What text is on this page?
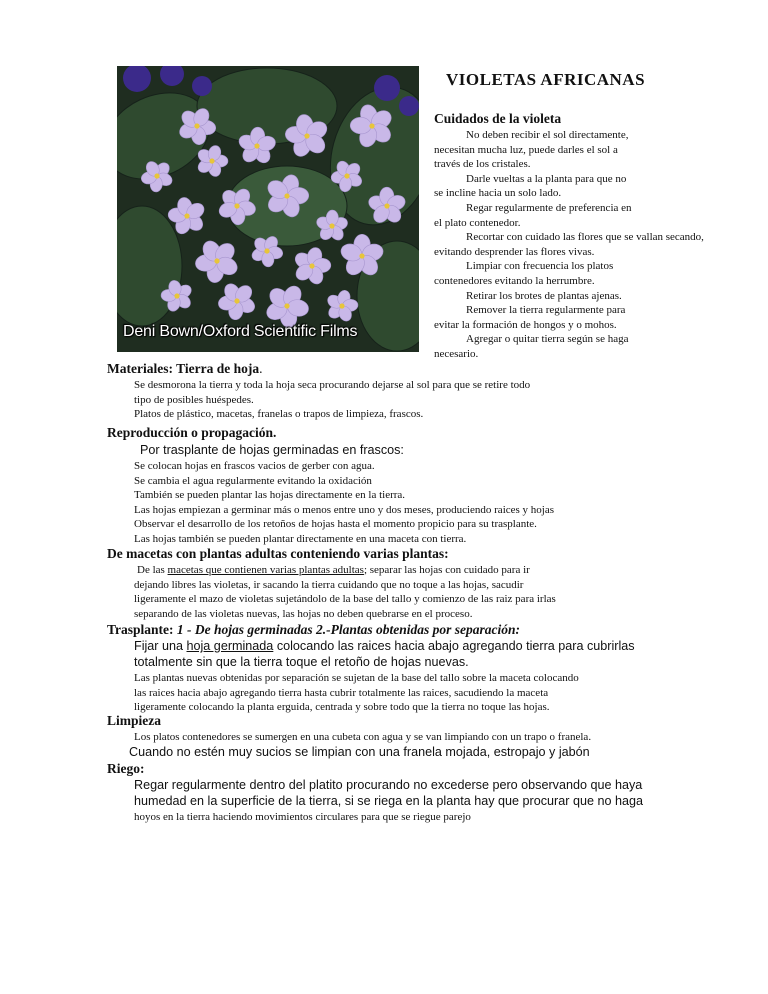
Deni Bown/Oxford Scientific Films
VIOLETAS AFRICANAS
Cuidados de la violeta
No deben recibir el sol directamente,
necesitan mucha luz, puede darles el sol a
través de los cristales.
Darle vueltas a la planta para que no
se incline hacia un solo lado.
Regar regularmente de preferencia en
el plato contenedor.
Recortar con cuidado las flores que se vallan secando,
evitando desprender las flores vivas.
Limpiar con frecuencia los platos
contenedores evitando la herrumbre.
Retirar los brotes de plantas ajenas.
Remover la tierra regularmente para
evitar la formación de hongos y o mohos.
Agregar o quitar tierra según se haga
necesario.
Materiales: Tierra de hoja.
Se desmorona la tierra y toda la hoja seca procurando dejarse al sol para que se retire todo
tipo de posibles huéspedes.
Platos de plástico, macetas, franelas o trapos de limpieza, frascos.
Reproducción o propagación.
Por trasplante de hojas germinadas en frascos:
Se colocan hojas en frascos vacios de gerber con agua.
Se cambia el agua regularmente evitando la oxidación
También se pueden plantar las hojas directamente en la tierra.
Las hojas empiezan a germinar más o menos entre uno y dos meses, produciendo raices y hojas
Observar el desarrollo de los retoños de hojas hasta el momento propicio para su trasplante.
Las hojas también se pueden plantar directamente en una maceta con tierra.
De macetas con plantas adultas conteniendo varias plantas:
De las macetas que contienen varias plantas adultas; separar las hojas con cuidado para ir
dejando libres las violetas, ir sacando la tierra cuidando que no toque a las hojas, sacudir
ligeramente el mazo de violetas sujetándolo de la base del tallo y comienzo de las raiz para irlas
separando de las violetas nuevas, las hojas no deben quebrarse en el proceso.
Trasplante: 1 - De hojas germinadas 2.-Plantas obtenidas por separación:
Fijar una hoja germinada colocando las raices hacia abajo agregando tierra para cubrirlas
totalmente sin que la tierra toque el retoño de hojas nuevas.
Las plantas nuevas obtenidas por separación se sujetan de la base del tallo sobre la maceta colocando
las raices hacia abajo agregando tierra hasta cubrir totalmente las raices, sacudiendo la maceta
ligeramente colocando la planta erguida, centrada y sobre todo que la tierra no toque las hojas.
Limpieza
Los platos contenedores se sumergen en una cubeta con agua y se van limpiando con un trapo o franela.
Cuando no estén muy sucios se limpian con una franela mojada, estropajo y jabón
Riego:
Regar regularmente dentro del platito procurando no excederse pero observando que haya
humedad en la superficie de la tierra, si se riega en la planta hay que procurar que no haga
hoyos en la tierra haciendo movimientos circulares para que se riegue parejo
